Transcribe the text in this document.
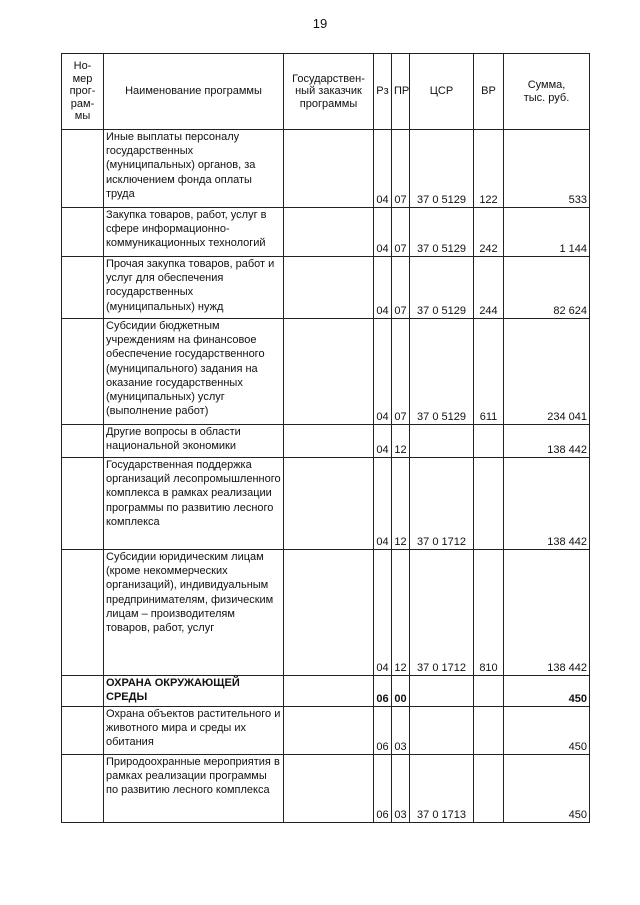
19
Но-
мер
прог-
рам-
мы	Наименование программы	Государствен-
ный заказчик
программы	Рз	ПР	ЦСР	ВР	Сумма,
тыс. руб.
	Иные выплаты персоналу государственных (муниципальных) органов, за исключением фонда оплаты труда		04	07	37 0 5129	122	533
	Закупка товаров, работ, услуг в сфере информационно-коммуникационных технологий		04	07	37 0 5129	242	1 144
	Прочая закупка товаров, работ и услуг для обеспечения государственных (муниципальных) нужд		04	07	37 0 5129	244	82 624
	Субсидии бюджетным учреждениям на финансовое обеспечение государственного (муниципального) задания на оказание государственных (муниципальных) услуг (выполнение работ)		04	07	37 0 5129	611	234 041
	Другие вопросы в области национальной экономики		04	12			138 442
	Государственная поддержка организаций лесопромышленного комплекса в рамках реализации программы по развитию лесного комплекса		04	12	37 0 1712		138 442
	Субсидии юридическим лицам (кроме некоммерческих организаций), индивидуальным предпринимателям, физическим лицам – производителям товаров, работ, услуг		04	12	37 0 1712	810	138 442
	ОХРАНА ОКРУЖАЮЩЕЙ СРЕДЫ		06	00			450
	Охрана объектов растительного и животного мира и среды их обитания		06	03			450
	Природоохранные мероприятия в рамках реализации программы по развитию лесного комплекса		06	03	37 0 1713		450
